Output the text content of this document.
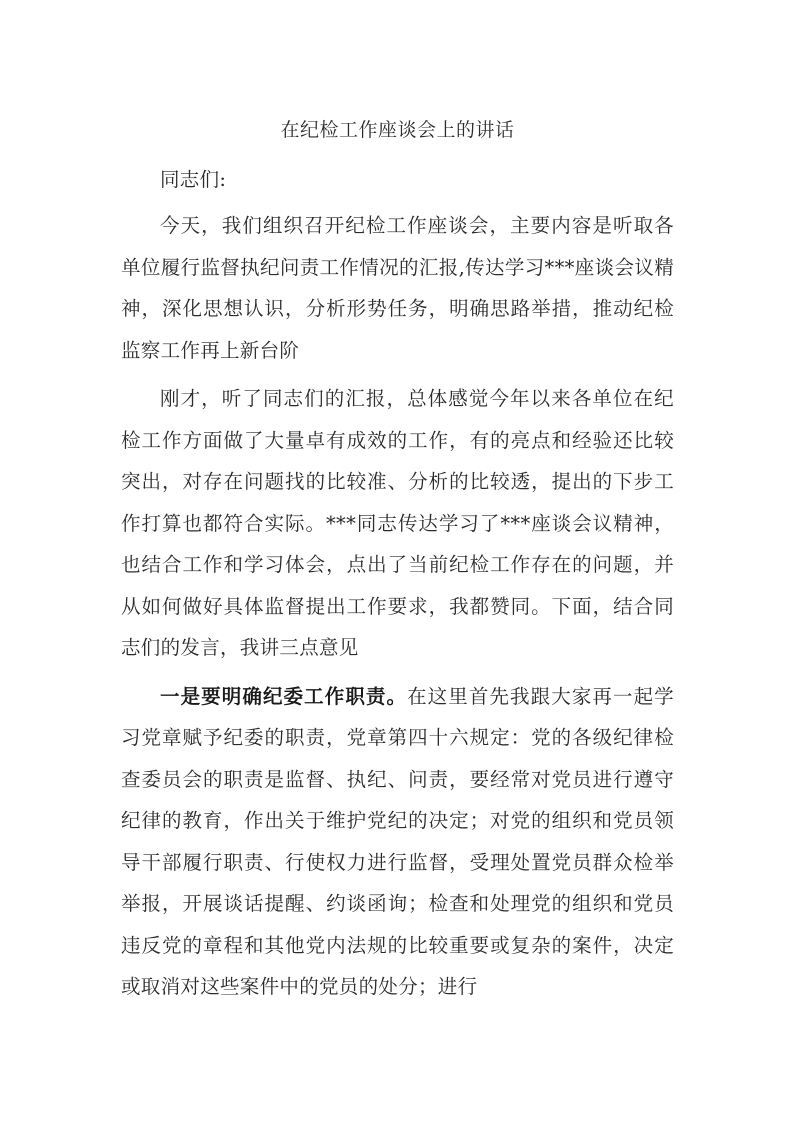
在纪检工作座谈会上的讲话

同志们:

今天，我们组织召开纪检工作座谈会，主要内容是听取各单位履行监督执纪问责工作情况的汇报,传达学习***座谈会议精神，深化思想认识，分析形势任务，明确思路举措，推动纪检监察工作再上新台阶

刚才，听了同志们的汇报，总体感觉今年以来各单位在纪检工作方面做了大量卓有成效的工作，有的亮点和经验还比较突出，对存在问题找的比较准、分析的比较透，提出的下步工作打算也都符合实际。***同志传达学习了***座谈会议精神，也结合工作和学习体会，点出了当前纪检工作存在的问题，并从如何做好具体监督提出工作要求，我都赞同。下面，结合同志们的发言，我讲三点意见

一是要明确纪委工作职责。在这里首先我跟大家再一起学习党章赋予纪委的职责，党章第四十六规定：党的各级纪律检查委员会的职责是监督、执纪、问责，要经常对党员进行遵守纪律的教育，作出关于维护党纪的决定；对党的组织和党员领导干部履行职责、行使权力进行监督，受理处置党员群众检举举报，开展谈话提醒、约谈函询；检查和处理党的组织和党员违反党的章程和其他党内法规的比较重要或复杂的案件，决定或取消对这些案件中的党员的处分；进行
